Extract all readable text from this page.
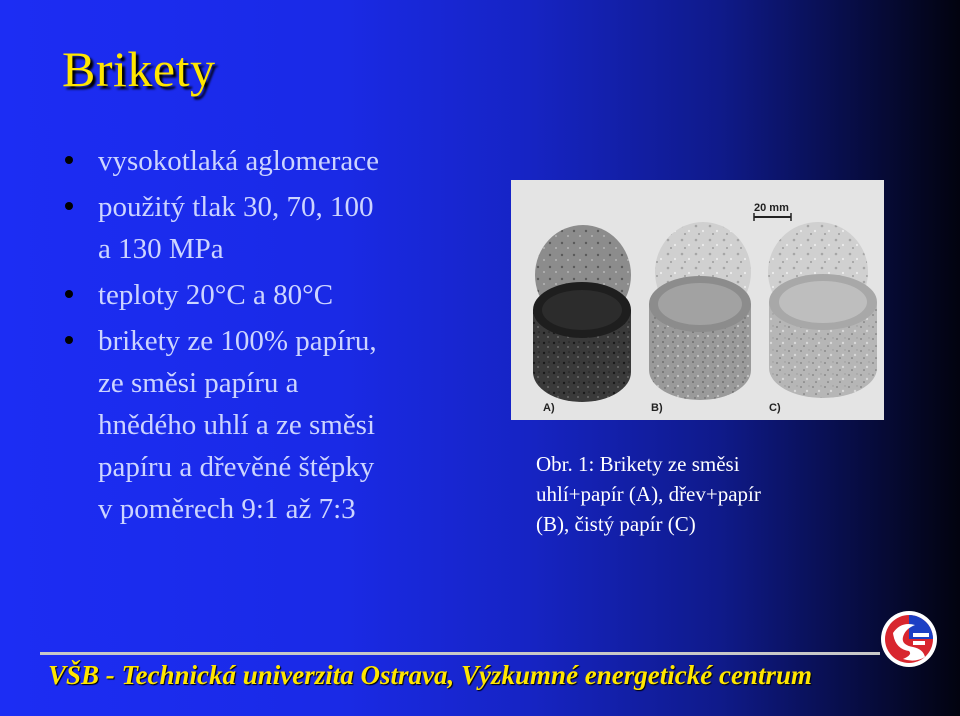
Brikety
vysokotlaká aglomerace
použitý tlak 30, 70, 100
a 130 MPa
teploty 20°C a 80°C
brikety ze 100% papíru,
ze směsi papíru a
hnědého uhlí a ze směsi
papíru a dřevěné štěpky
v poměrech 9:1 až 7:3
20 mm
A)	B)	C)
Obr. 1: Brikety ze směsi
uhlí+papír (A), dřev+papír
(B), čistý papír (C)

VŠB - Technická univerzita Ostrava, Výzkumné energetické centrum
